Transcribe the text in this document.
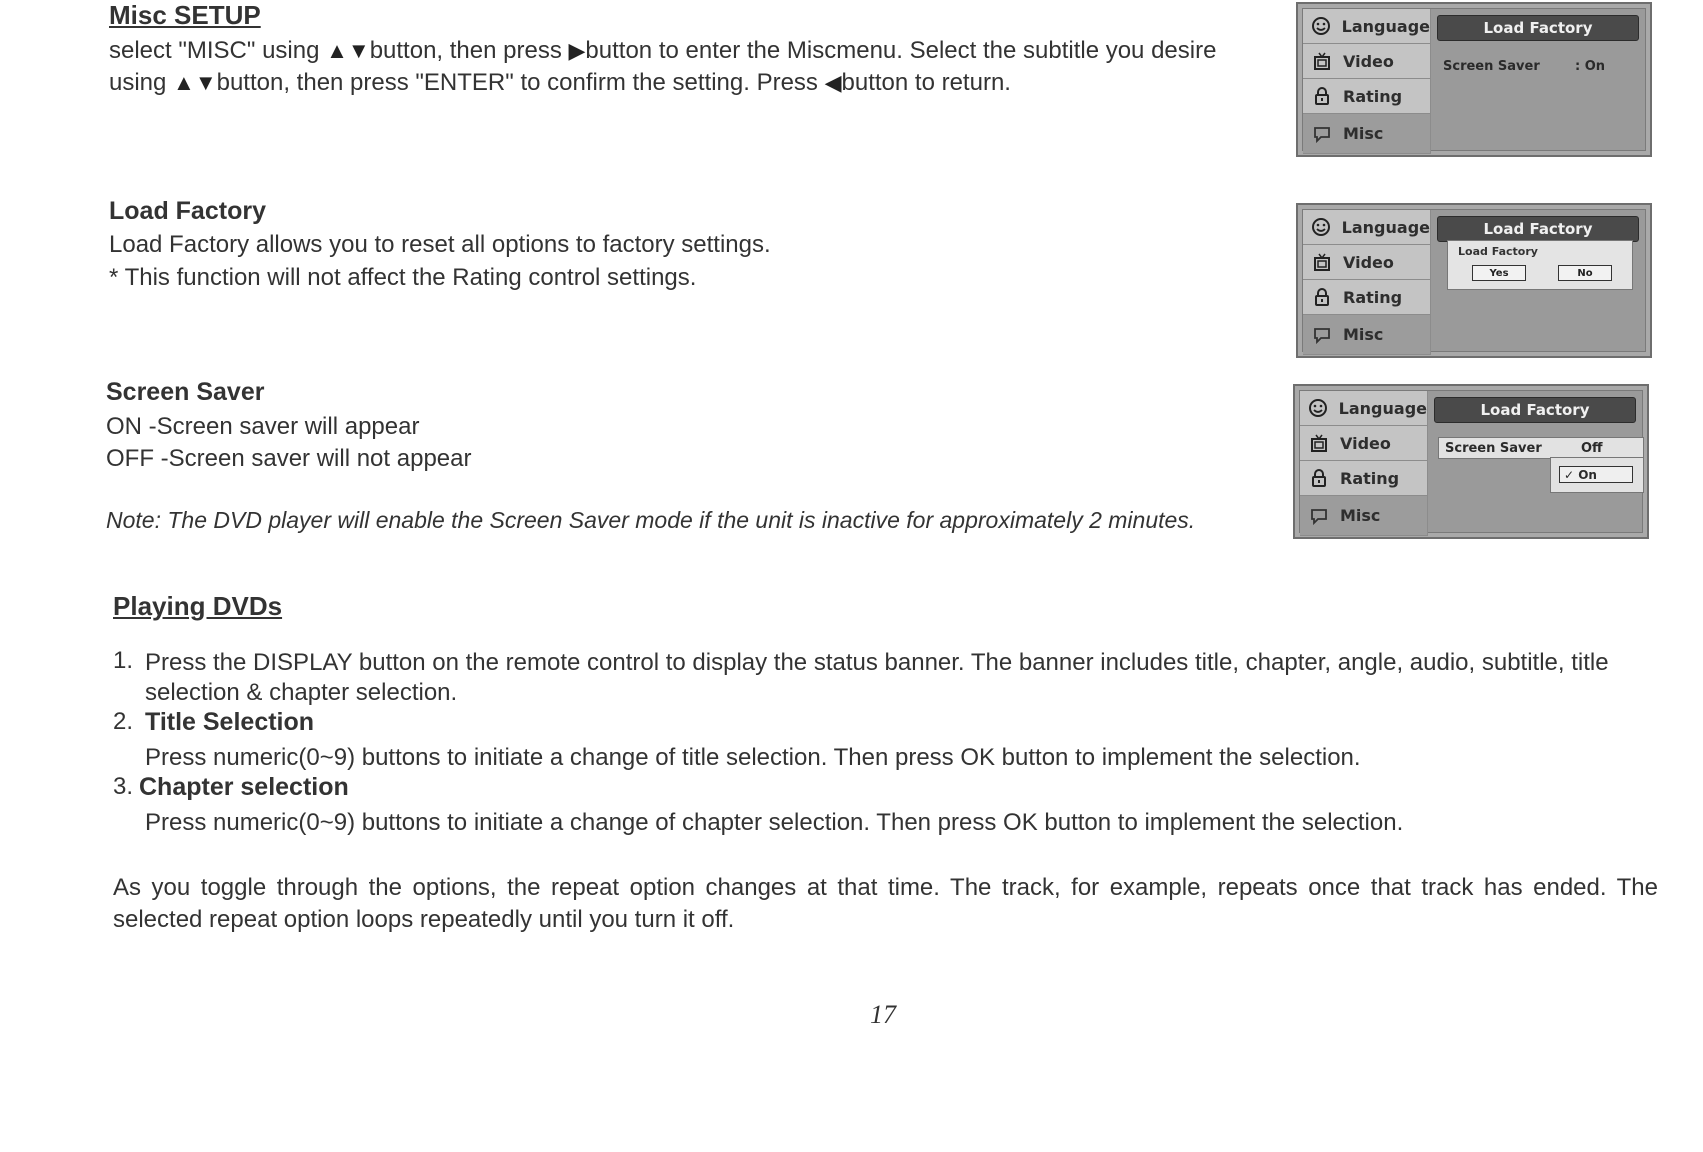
Misc SETUP
select "MISC" using ▲▼button, then press ▶button to enter the Miscmenu. Select the subtitle you desire
using ▲▼button, then press "ENTER" to confirm the setting. Press ◀button to return.
Load Factory
Load Factory allows you to reset all options to factory settings.
* This function will not affect the Rating control settings.
Screen Saver
ON -Screen saver will appear
OFF -Screen saver will not appear
Note: The DVD player will enable the Screen Saver mode if the unit is inactive for approximately 2 minutes.
Language
Video
Rating
Misc
Load Factory
Screen Saver	: On
Language
Video
Rating
Misc
Load Factory
Load Factory
Yes	No
Language
Video
Rating
Misc
Load Factory
Screen Saver	Off
✓ On
Playing DVDs
1. Press the DISPLAY button on the remote control to display the status banner. The banner includes title, chapter, angle, audio, subtitle, title
selection & chapter selection.
2. Title Selection
Press numeric(0~9) buttons to initiate a change of title selection. Then press OK button to implement the selection.
3. Chapter selection
Press numeric(0~9) buttons to initiate a change of chapter selection. Then press OK button to implement the selection.
As you toggle through the options, the repeat option changes at that time. The track, for example, repeats once that track has ended. The
selected repeat option loops repeatedly until you turn it off.
17
